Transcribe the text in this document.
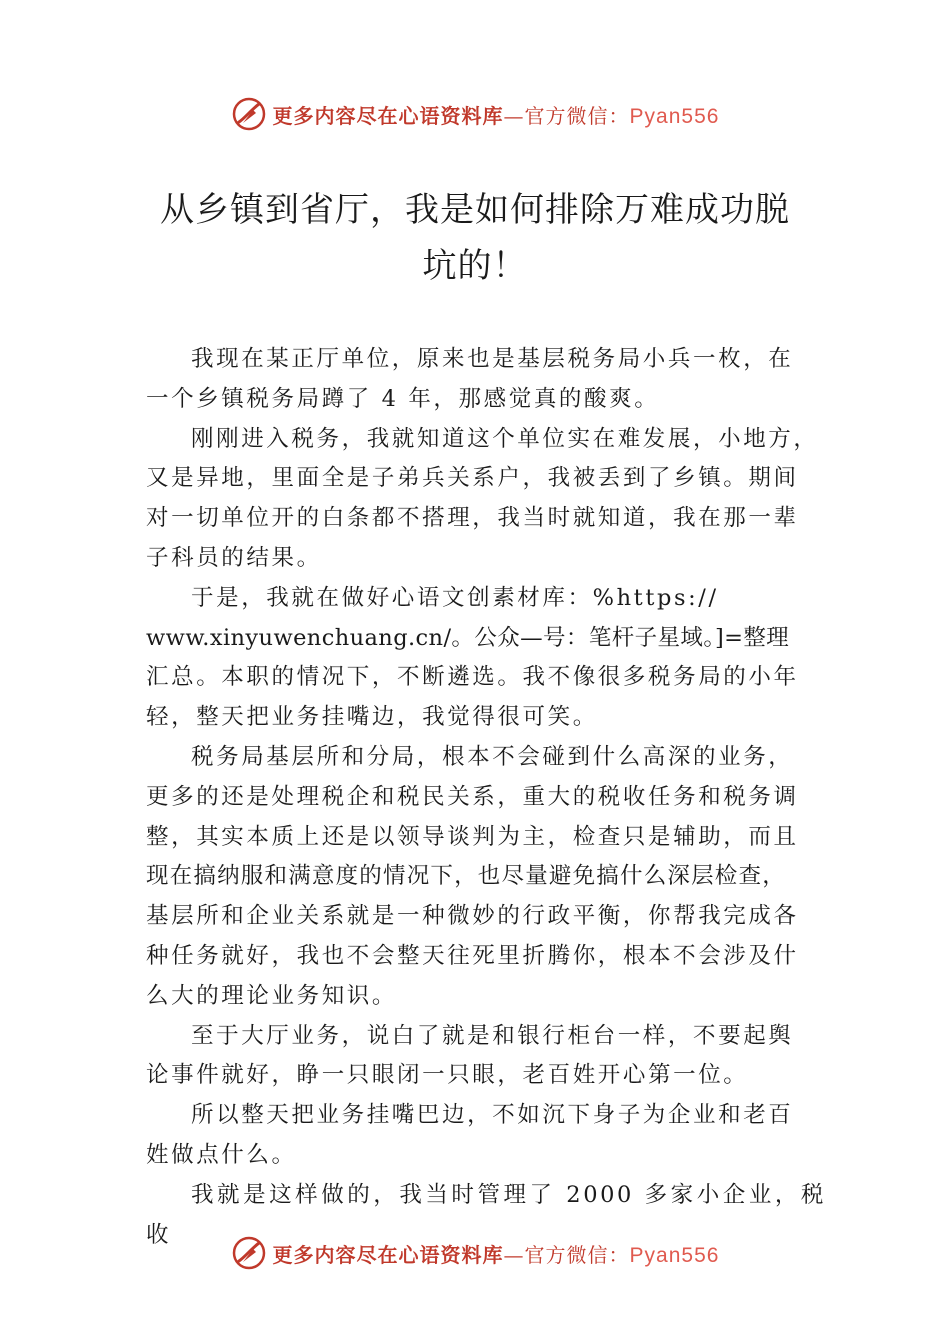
更多内容尽在心语资料库—官方微信：Pyan556
从乡镇到省厅，我是如何排除万难成功脱
坑的！

我现在某正厅单位，原来也是基层税务局小兵一枚，在
一个乡镇税务局蹲了 4 年，那感觉真的酸爽。

刚刚进入税务，我就知道这个单位实在难发展，小地方，
又是异地，里面全是子弟兵关系户，我被丢到了乡镇。期间
对一切单位开的白条都不搭理，我当时就知道，我在那一辈
子科员的结果。

于是，我就在做好心语文创素材库：%https://
www.xinyuwenchuang.cn/。公众—号：笔杆子星域。]=整理
汇总。本职的情况下，不断遴选。我不像很多税务局的小年
轻，整天把业务挂嘴边，我觉得很可笑。

税务局基层所和分局，根本不会碰到什么高深的业务，
更多的还是处理税企和税民关系，重大的税收任务和税务调
整，其实本质上还是以领导谈判为主，检查只是辅助，而且
现在搞纳服和满意度的情况下，也尽量避免搞什么深层检查，
基层所和企业关系就是一种微妙的行政平衡，你帮我完成各
种任务就好，我也不会整天往死里折腾你，根本不会涉及什
么大的理论业务知识。

至于大厅业务，说白了就是和银行柜台一样，不要起舆
论事件就好，睁一只眼闭一只眼，老百姓开心第一位。

所以整天把业务挂嘴巴边，不如沉下身子为企业和老百
姓做点什么。

我就是这样做的，我当时管理了 2000 多家小企业，税收

更多内容尽在心语资料库—官方微信：Pyan556
